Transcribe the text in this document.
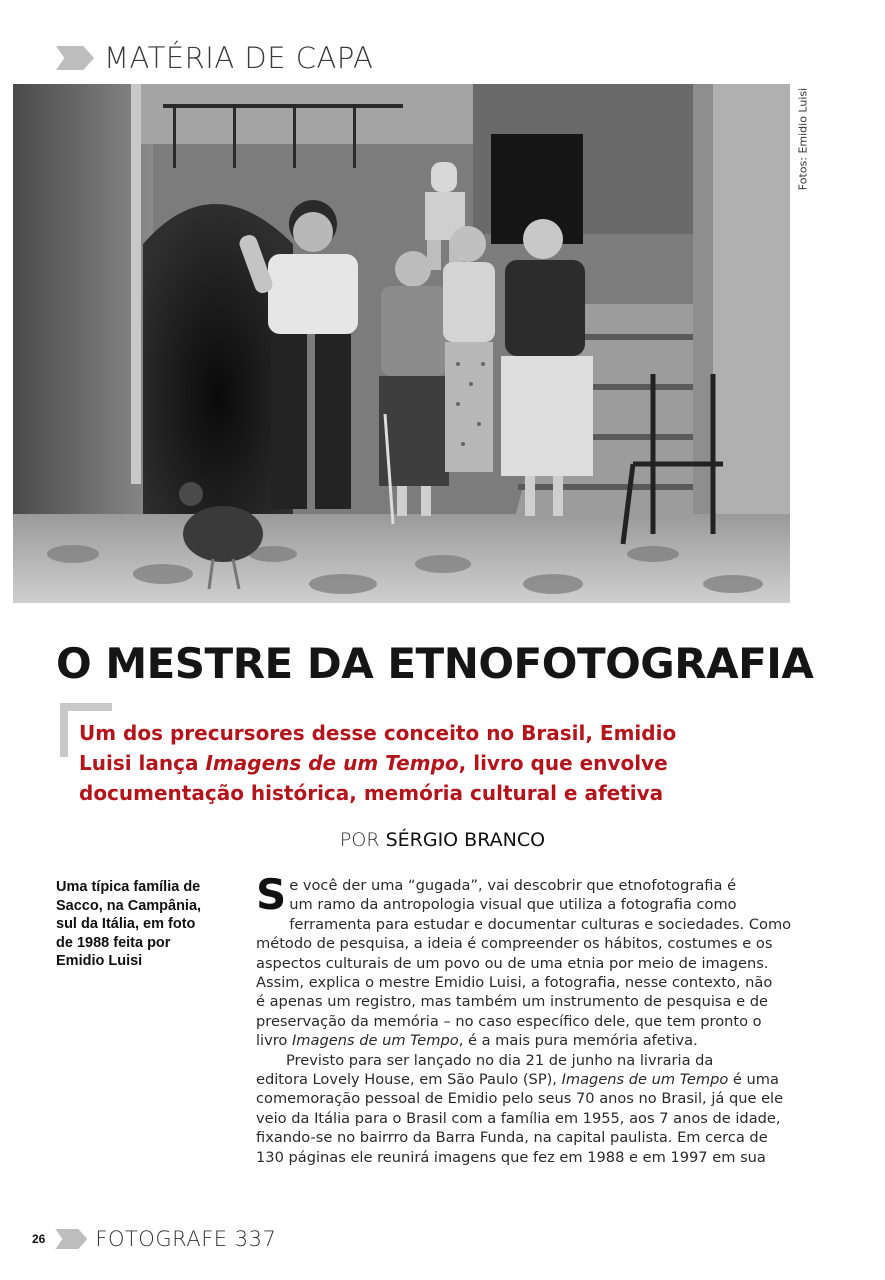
MATÉRIA DE CAPA
Fotos: Emidio Luisi
O MESTRE DA ETNOFOTOGRAFIA
Um dos precursores desse conceito no Brasil, Emidio
Luisi lança Imagens de um Tempo, livro que envolve
documentação histórica, memória cultural e afetiva
POR SÉRGIO BRANCO
Uma típica família de Sacco, na Campânia, sul da Itália, em foto de 1988 feita por Emidio Luisi
S e você der uma “gugada”, vai descobrir que etnofotografia é
um ramo da antropologia visual que utiliza a fotografia como
ferramenta para estudar e documentar culturas e sociedades. Como
método de pesquisa, a ideia é compreender os hábitos, costumes e os
aspectos culturais de um povo ou de uma etnia por meio de imagens.
Assim, explica o mestre Emidio Luisi, a fotografia, nesse contexto, não
é apenas um registro, mas também um instrumento de pesquisa e de
preservação da memória – no caso específico dele, que tem pronto o
livro Imagens de um Tempo, é a mais pura memória afetiva.
Previsto para ser lançado no dia 21 de junho na livraria da
editora Lovely House, em São Paulo (SP), Imagens de um Tempo é uma
comemoração pessoal de Emidio pelo seus 70 anos no Brasil, já que ele
veio da Itália para o Brasil com a família em 1955, aos 7 anos de idade,
fixando-se no bairrro da Barra Funda, na capital paulista. Em cerca de
130 páginas ele reunirá imagens que fez em 1988 e em 1997 em sua
26 FOTOGRAFE 337
